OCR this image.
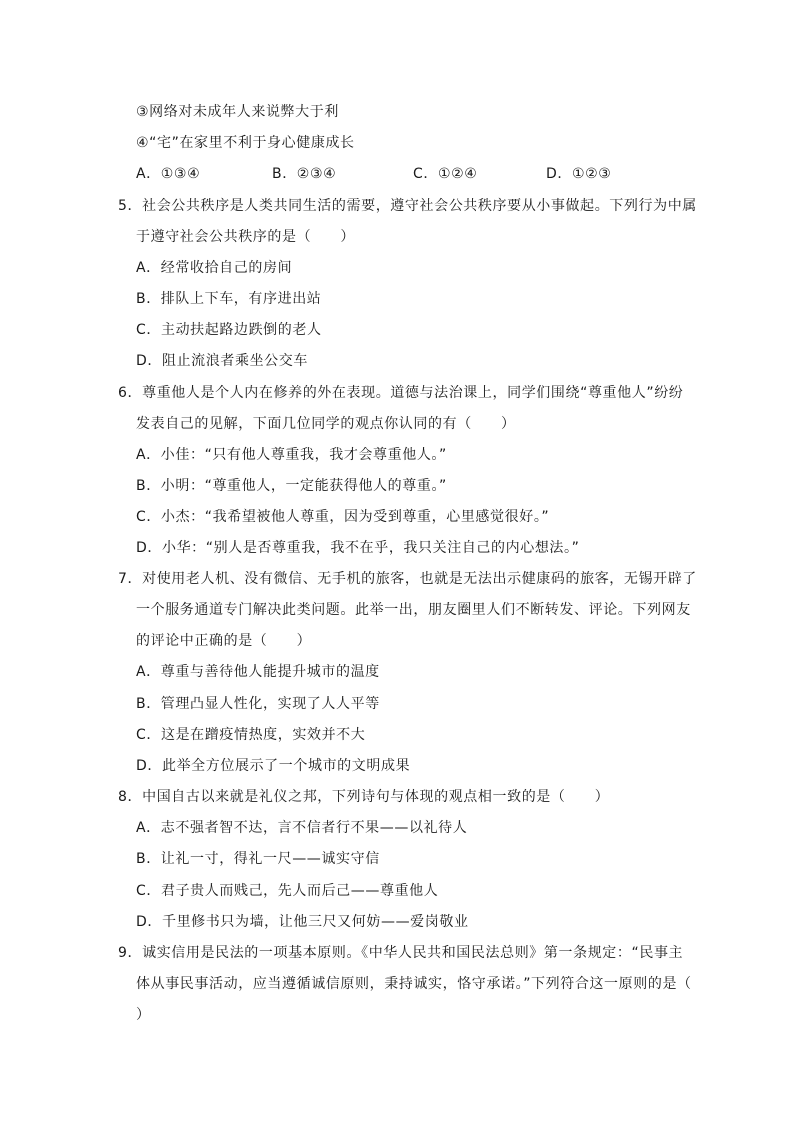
③网络对未成年人来说弊大于利
④“宅”在家里不利于身心健康成长
A．①③④	B．②③④	C．①②④	D．①②③
5．社会公共秩序是人类共同生活的需要，遵守社会公共秩序要从小事做起。下列行为中属
于遵守社会公共秩序的是（　　）
A．经常收拾自己的房间
B．排队上下车，有序进出站
C．主动扶起路边跌倒的老人
D．阻止流浪者乘坐公交车
6．尊重他人是个人内在修养的外在表现。道德与法治课上，同学们围绕“尊重他人”纷纷
发表自己的见解，下面几位同学的观点你认同的有（　　）
A．小佳：“只有他人尊重我，我才会尊重他人。”
B．小明：“尊重他人，一定能获得他人的尊重。”
C．小杰：“我希望被他人尊重，因为受到尊重，心里感觉很好。”
D．小华：“别人是否尊重我，我不在乎，我只关注自己的内心想法。”
7．对使用老人机、没有微信、无手机的旅客，也就是无法出示健康码的旅客，无锡开辟了
一个服务通道专门解决此类问题。此举一出，朋友圈里人们不断转发、评论。下列网友
的评论中正确的是（　　）
A．尊重与善待他人能提升城市的温度
B．管理凸显人性化，实现了人人平等
C．这是在蹭疫情热度，实效并不大
D．此举全方位展示了一个城市的文明成果
8．中国自古以来就是礼仪之邦，下列诗句与体现的观点相一致的是（　　）
A．志不强者智不达，言不信者行不果——以礼待人
B．让礼一寸，得礼一尺——诚实守信
C．君子贵人而贱己，先人而后己——尊重他人
D．千里修书只为墙，让他三尺又何妨——爱岗敬业
9．诚实信用是民法的一项基本原则。《中华人民共和国民法总则》第一条规定：“民事主
体从事民事活动，应当遵循诚信原则，秉持诚实，恪守承诺。”下列符合这一原则的是（
）
